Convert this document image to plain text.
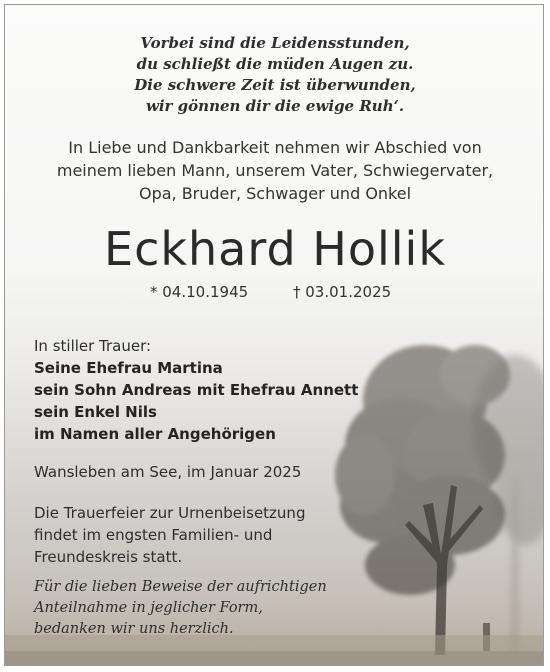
Vorbei sind die Leidensstunden,
du schließt die müden Augen zu.
Die schwere Zeit ist überwunden,
wir gönnen dir die ewige Ruh‘.
In Liebe und Dankbarkeit nehmen wir Abschied von
meinem lieben Mann, unserem Vater, Schwiegervater,
Opa, Bruder, Schwager und Onkel
Eckhard Hollik
* 04.10.1945	† 03.01.2025
In stiller Trauer:
Seine Ehefrau Martina
sein Sohn Andreas mit Ehefrau Annett
sein Enkel Nils
im Namen aller Angehörigen
Wansleben am See, im Januar 2025
Die Trauerfeier zur Urnenbeisetzung
findet im engsten Familien- und
Freundeskreis statt.
Für die lieben Beweise der aufrichtigen
Anteilnahme in jeglicher Form,
bedanken wir uns herzlich.
